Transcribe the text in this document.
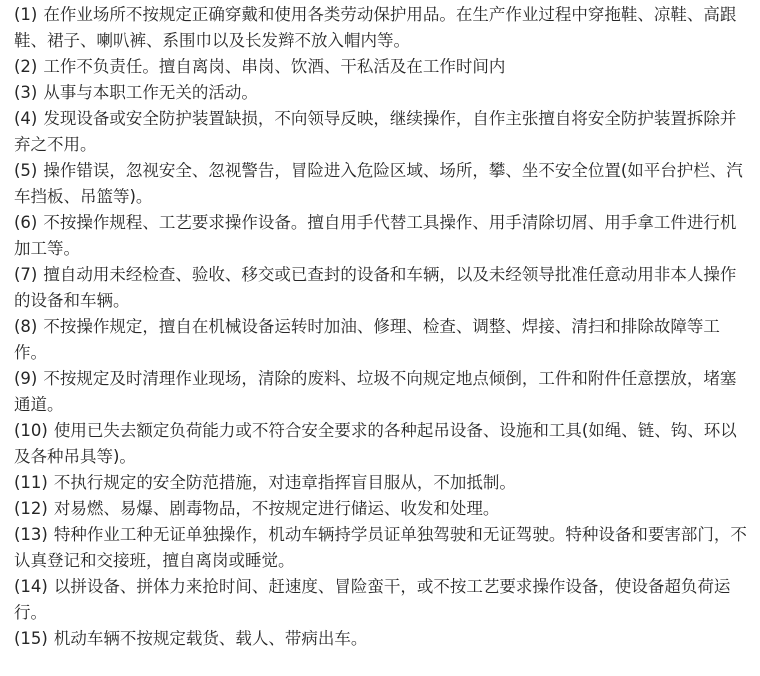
(1) 在作业场所不按规定正确穿戴和使用各类劳动保护用品。在生产作业过程中穿拖鞋、凉鞋、高跟鞋、裙子、喇叭裤、系围巾以及长发辫不放入帽内等。

(2) 工作不负责任。擅自离岗、串岗、饮酒、干私活及在工作时间内

(3) 从事与本职工作无关的活动。

(4) 发现设备或安全防护装置缺损，不向领导反映，继续操作，自作主张擅自将安全防护装置拆除并弃之不用。

(5) 操作错误，忽视安全、忽视警告，冒险进入危险区域、场所，攀、坐不安全位置(如平台护栏、汽车挡板、吊篮等)。

(6) 不按操作规程、工艺要求操作设备。擅自用手代替工具操作、用手清除切屑、用手拿工件进行机加工等。

(7) 擅自动用未经检查、验收、移交或已查封的设备和车辆，以及未经领导批准任意动用非本人操作的设备和车辆。

(8) 不按操作规定，擅自在机械设备运转时加油、修理、检查、调整、焊接、清扫和排除故障等工作。

(9) 不按规定及时清理作业现场，清除的废料、垃圾不向规定地点倾倒，工件和附件任意摆放，堵塞通道。

(10) 使用已失去额定负荷能力或不符合安全要求的各种起吊设备、设施和工具(如绳、链、钩、环以及各种吊具等)。

(11) 不执行规定的安全防范措施，对违章指挥盲目服从，不加抵制。

(12) 对易燃、易爆、剧毒物品，不按规定进行储运、收发和处理。

(13) 特种作业工种无证单独操作，机动车辆持学员证单独驾驶和无证驾驶。特种设备和要害部门，不认真登记和交接班，擅自离岗或睡觉。

(14) 以拼设备、拼体力来抢时间、赶速度、冒险蛮干，或不按工艺要求操作设备，使设备超负荷运行。

(15) 机动车辆不按规定载货、载人、带病出车。
